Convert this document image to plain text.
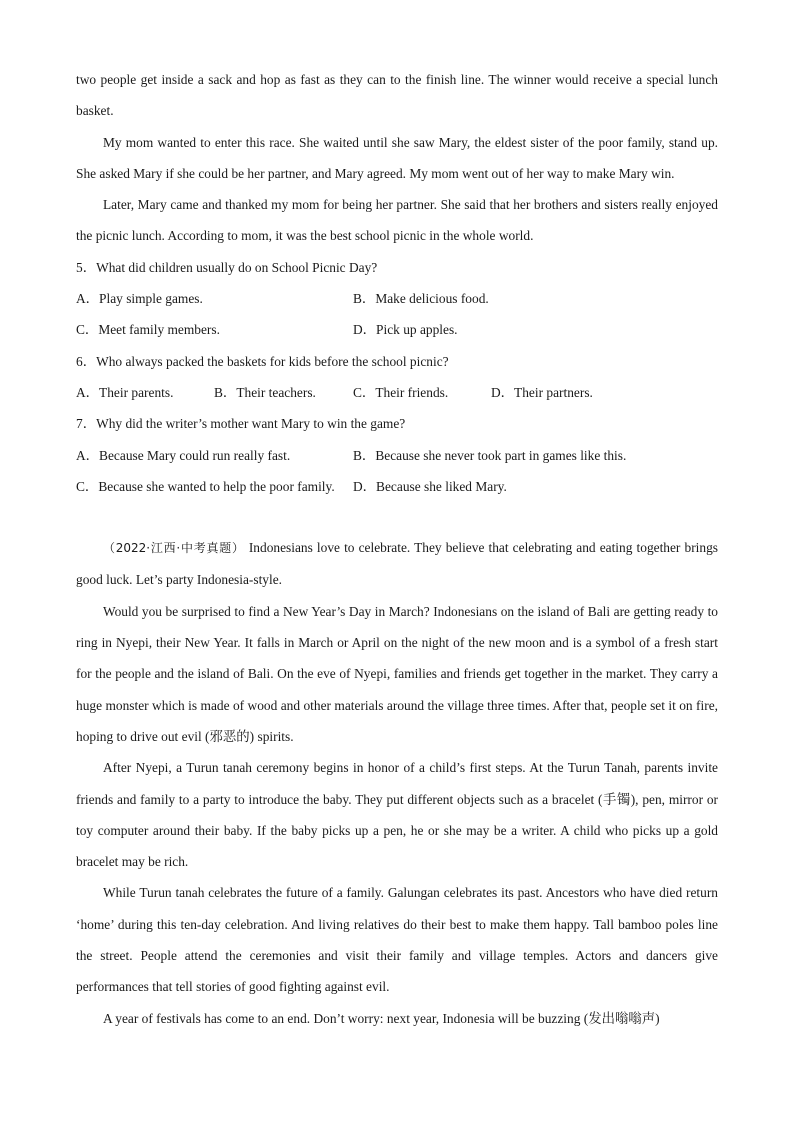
two people get inside a sack and hop as fast as they can to the finish line. The winner would receive a special lunch basket.

My mom wanted to enter this race. She waited until she saw Mary, the eldest sister of the poor family, stand up. She asked Mary if she could be her partner, and Mary agreed. My mom went out of her way to make Mary win.

Later, Mary came and thanked my mom for being her partner. She said that her brothers and sisters really enjoyed the picnic lunch. According to mom, it was the best school picnic in the whole world.

5．What did children usually do on School Picnic Day?
A．Play simple games.	B．Make delicious food.
C．Meet family members.	D．Pick up apples.
6．Who always packed the baskets for kids before the school picnic?
A．Their parents.	B．Their teachers.	C．Their friends.	D．Their partners.
7．Why did the writer’s mother want Mary to win the game?
A．Because Mary could run really fast.	B．Because she never took part in games like this.
C．Because she wanted to help the poor family.	D．Because she liked Mary.

（2022·江西·中考真题） Indonesians love to celebrate. They believe that celebrating and eating together brings good luck. Let’s party Indonesia-style.

Would you be surprised to find a New Year’s Day in March? Indonesians on the island of Bali are getting ready to ring in Nyepi, their New Year. It falls in March or April on the night of the new moon and is a symbol of a fresh start for the people and the island of Bali. On the eve of Nyepi, families and friends get together in the market. They carry a huge monster which is made of wood and other materials around the village three times. After that, people set it on fire, hoping to drive out evil (邪恶的) spirits.

After Nyepi, a Turun tanah ceremony begins in honor of a child’s first steps. At the Turun Tanah, parents invite friends and family to a party to introduce the baby. They put different objects such as a bracelet (手镯), pen, mirror or toy computer around their baby. If the baby picks up a pen, he or she may be a writer. A child who picks up a gold bracelet may be rich.

While Turun tanah celebrates the future of a family. Galungan celebrates its past. Ancestors who have died return ‘home’ during this ten-day celebration. And living relatives do their best to make them happy. Tall bamboo poles line the street. People attend the ceremonies and visit their family and village temples. Actors and dancers give performances that tell stories of good fighting against evil.

A year of festivals has come to an end. Don’t worry: next year, Indonesia will be buzzing (发出嗡嗡声)
